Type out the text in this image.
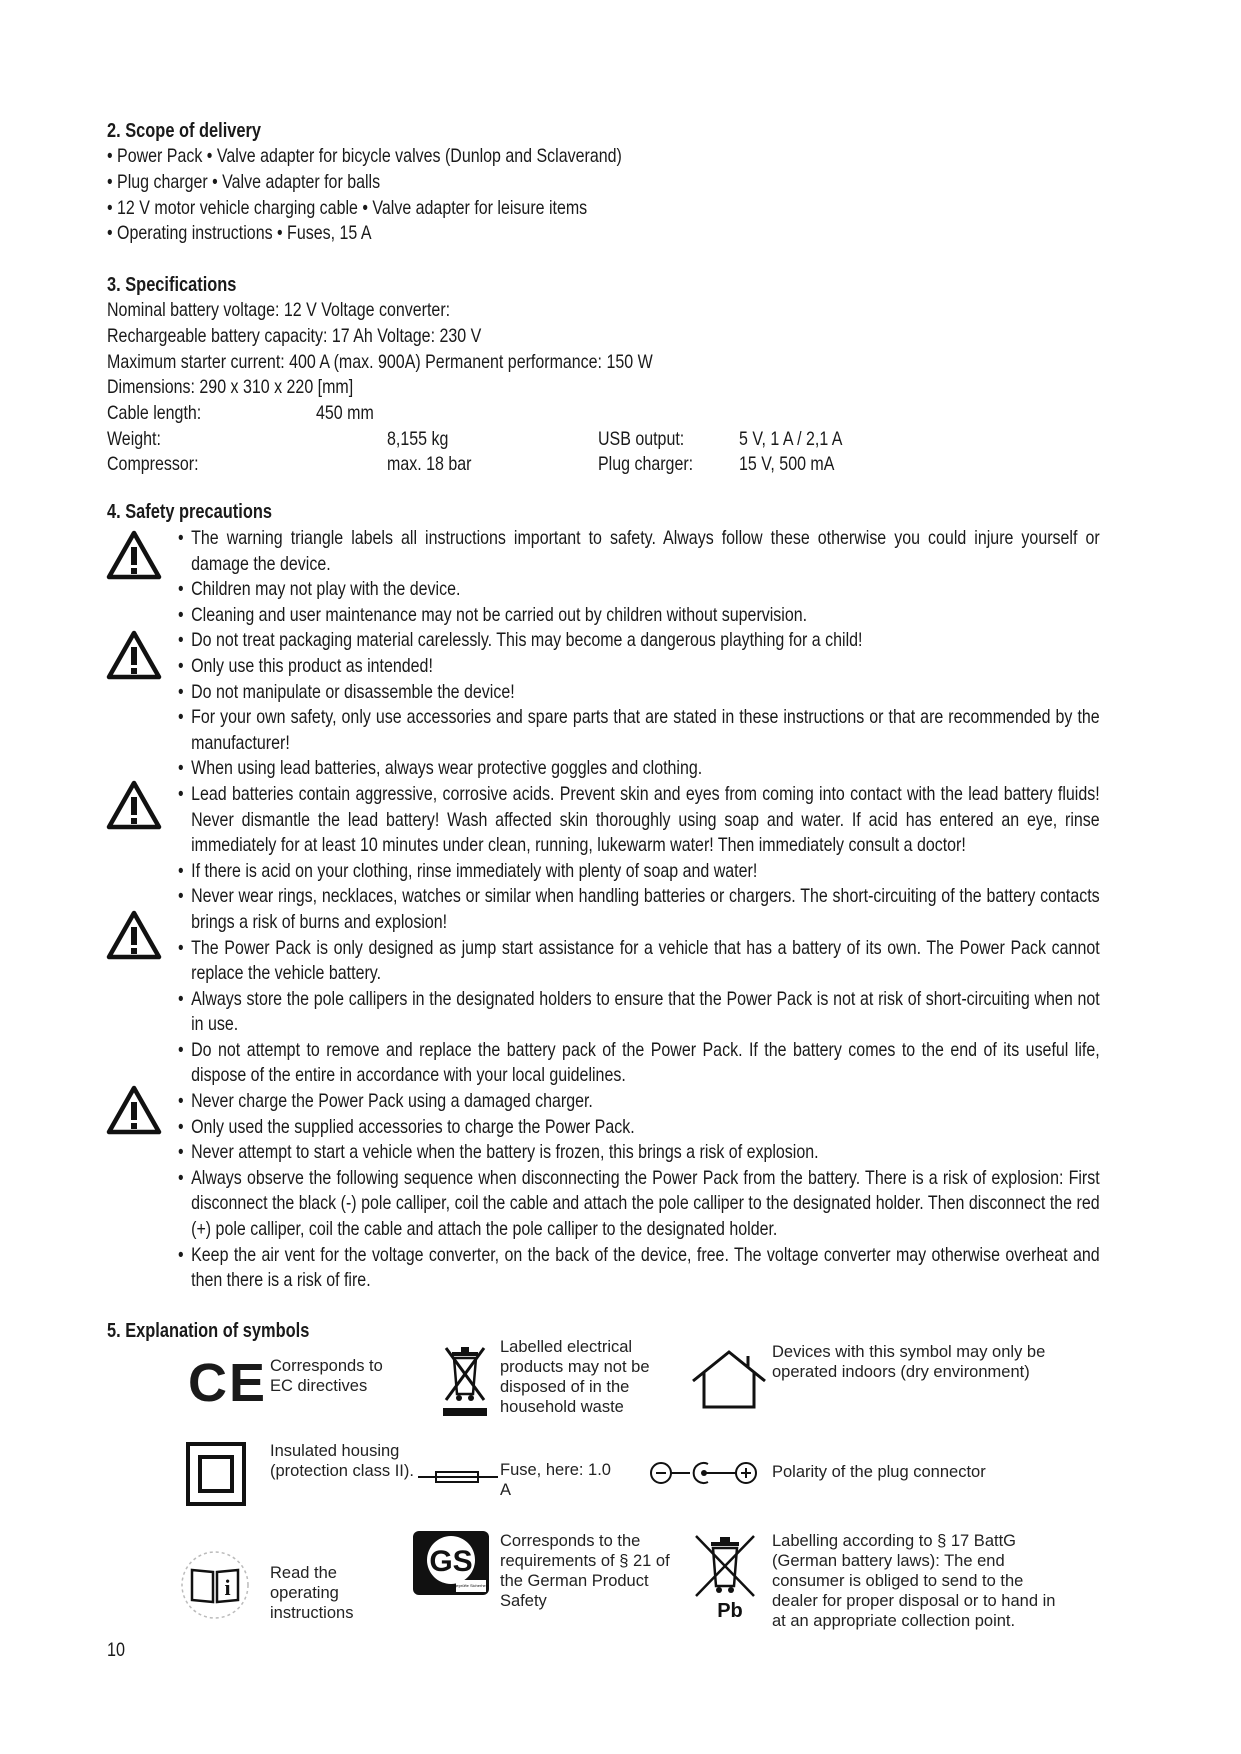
2. Scope of delivery
• Power Pack • Valve adapter for bicycle valves (Dunlop and Sclaverand)
• Plug charger • Valve adapter for balls
• 12 V motor vehicle charging cable • Valve adapter for leisure items
• Operating instructions • Fuses, 15 A
3. Specifications
Nominal battery voltage: 12 V Voltage converter:
Rechargeable battery capacity: 17 Ah Voltage: 230 V
Maximum starter current: 400 A (max. 900A) Permanent performance: 150 W
Dimensions: 290 x 310 x 220 [mm]
Cable length:	450 mm
Weight:	8,155 kg	USB output:	5 V, 1 A / 2,1 A
Compressor:	max. 18 bar	Plug charger: 15 V, 500 mA
4. Safety precautions
• The warning triangle labels all instructions important to safety. Always follow these otherwise you could injure yourself or damage the device.
• Children may not play with the device.
• Cleaning and user maintenance may not be carried out by children without supervision.
• Do not treat packaging material carelessly. This may become a dangerous plaything for a child!
• Only use this product as intended!
• Do not manipulate or disassemble the device!
• For your own safety, only use accessories and spare parts that are stated in these instructions or that are recommended by the manufacturer!
• When using lead batteries, always wear protective goggles and clothing.
• Lead batteries contain aggressive, corrosive acids. Prevent skin and eyes from coming into contact with the lead battery fluids! Never dismantle the lead battery! Wash affected skin thoroughly using soap and water. If acid has entered an eye, rinse immediately for at least 10 minutes under clean, running, lukewarm water! Then immediately consult a doctor!
• If there is acid on your clothing, rinse immediately with plenty of soap and water!
• Never wear rings, necklaces, watches or similar when handling batteries or chargers. The short-circuiting of the battery contacts brings a risk of burns and explosion!
• The Power Pack is only designed as jump start assistance for a vehicle that has a battery of its own. The Power Pack cannot replace the vehicle battery.
• Always store the pole callipers in the designated holders to ensure that the Power Pack is not at risk of short-circuiting when not in use.
• Do not attempt to remove and replace the battery pack of the Power Pack. If the battery comes to the end of its useful life, dispose of the entire in accordance with your local guidelines.
• Never charge the Power Pack using a damaged charger.
• Only used the supplied accessories to charge the Power Pack.
• Never attempt to start a vehicle when the battery is frozen, this brings a risk of explosion.
• Always observe the following sequence when disconnecting the Power Pack from the battery. There is a risk of explosion: First disconnect the black (-) pole calliper, coil the cable and attach the pole calliper to the designated holder. Then disconnect the red (+) pole calliper, coil the cable and attach the pole calliper to the designated holder.
• Keep the air vent for the voltage converter, on the back of the device, free. The voltage converter may otherwise overheat and then there is a risk of fire.
5. Explanation of symbols
CE Corresponds to EC directives
Labelled electrical products may not be disposed of in the household waste
Devices with this symbol may only be operated indoors (dry environment)
Insulated housing (protection class II).	Fuse, here: 1.0 A
Polarity of the plug connector
i
Read the operating instructions
GS
geprüfte Sicherheit
Corresponds to the requirements of § 21 of the German Product Safety	Pb
Labelling according to § 17 BattG (German battery laws): The end consumer is obliged to send to the dealer for proper disposal or to hand in at an appropriate collection point.
10
